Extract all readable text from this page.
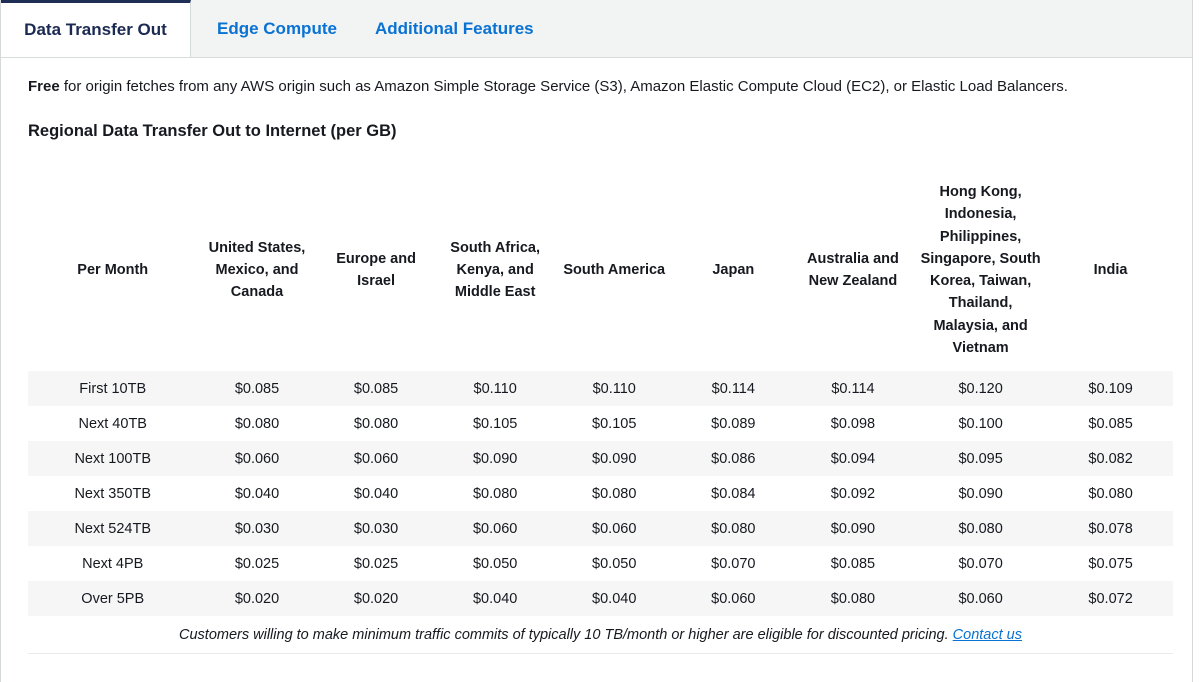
Data Transfer Out	Edge Compute	Additional Features

Free for origin fetches from any AWS origin such as Amazon Simple Storage Service (S3), Amazon Elastic Compute Cloud (EC2), or Elastic Load Balancers.

Regional Data Transfer Out to Internet (per GB)
Per Month	United States, Mexico, and Canada	Europe and Israel	South Africa, Kenya, and Middle East	South America	Japan	Australia and New Zealand	Hong Kong, Indonesia, Philippines, Singapore, South Korea, Taiwan, Thailand, Malaysia, and Vietnam	India
First 10TB	$0.085	$0.085	$0.110	$0.110	$0.114	$0.114	$0.120	$0.109
Next 40TB	$0.080	$0.080	$0.105	$0.105	$0.089	$0.098	$0.100	$0.085
Next 100TB	$0.060	$0.060	$0.090	$0.090	$0.086	$0.094	$0.095	$0.082
Next 350TB	$0.040	$0.040	$0.080	$0.080	$0.084	$0.092	$0.090	$0.080
Next 524TB	$0.030	$0.030	$0.060	$0.060	$0.080	$0.090	$0.080	$0.078
Next 4PB	$0.025	$0.025	$0.050	$0.050	$0.070	$0.085	$0.070	$0.075
Over 5PB	$0.020	$0.020	$0.040	$0.040	$0.060	$0.080	$0.060	$0.072

Customers willing to make minimum traffic commits of typically 10 TB/month or higher are eligible for discounted pricing. Contact us
